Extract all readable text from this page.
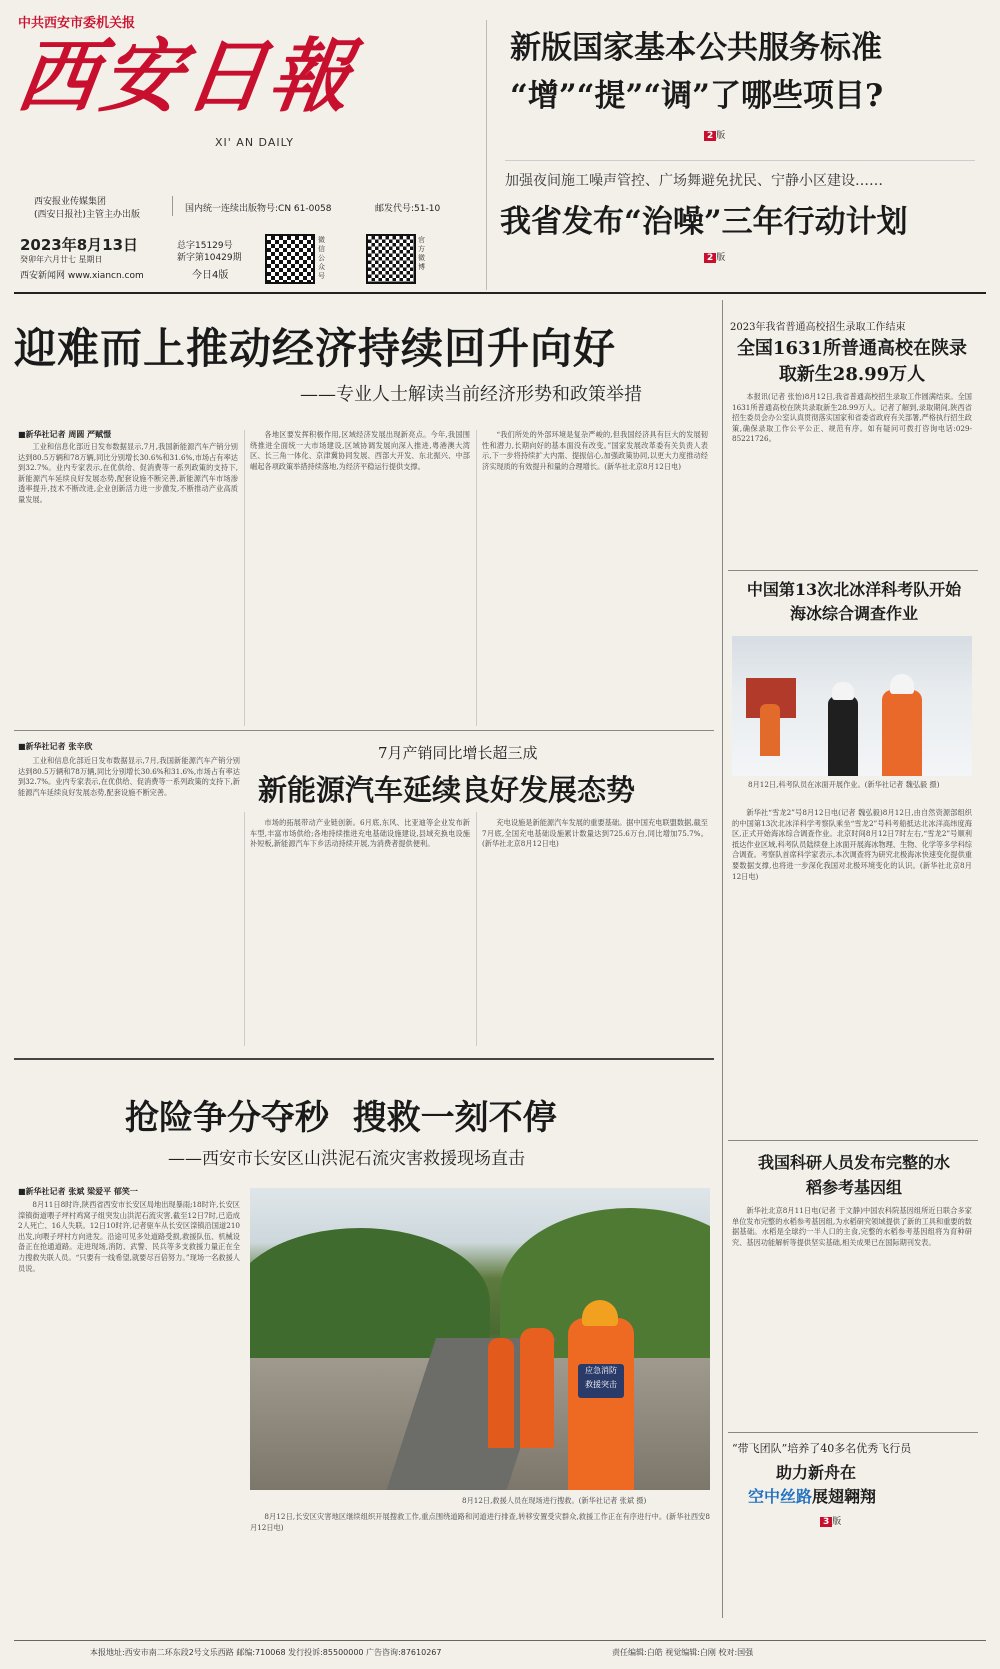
中共西安市委机关报
西安日報
XI' AN DAILY
西安报业传媒集团
(西安日报社)主管主办出版
国内统一连续出版物号:CN 61-0058	邮发代号:51-10
2023年8月13日
癸卯年六月廿七 星期日
西安新闻网 www.xiancn.com
总字15129号
新字第10429期
今日4版
微信公众号
官方微博
新版国家基本公共服务标准
“增”“提”“调”了哪些项目?
2 版
加强夜间施工噪声管控、广场舞避免扰民、宁静小区建设……
我省发布“治噪”三年行动计划
2 版
迎难而上推动经济持续回升向好
——专业人士解读当前经济形势和政策举措
■新华社记者 周圆 严赋憬
工业和信息化部近日发布数据显示,7月,我国新能源汽车产销分别达到80.5万辆和78万辆,同比分别增长30.6%和31.6%,市场占有率达到32.7%。业内专家表示,在优供给、促消费等一系列政策的支持下,新能源汽车延续良好发展态势,配套设施不断完善,新能源汽车市场渗透率提升,技术不断改进,企业创新活力进一步激发,不断推动产业高质量发展。
各地区要发挥积极作用,区域经济发展出现新亮点。今年,我国围绕推进全面统一大市场建设,区域协调发展向深入推进,粤港澳大湾区、长三角一体化、京津冀协同发展、西部大开发、东北振兴、中部崛起各项政策举措持续落地,为经济平稳运行提供支撑。
“我们所处的外部环境是复杂严峻的,但我国经济具有巨大的发展韧性和潜力,长期向好的基本面没有改变。”国家发展改革委有关负责人表示,下一步将持续扩大内需、提振信心,加强政策协同,以更大力度推动经济实现质的有效提升和量的合理增长。(新华社北京8月12日电)
■新华社记者 张辛欣	7月产销同比增长超三成
新能源汽车延续良好发展态势
工业和信息化部近日发布数据显示,7月,我国新能源汽车产销分别达到80.5万辆和78万辆,同比分别增长30.6%和31.6%,市场占有率达到32.7%。业内专家表示,在优供给、促消费等一系列政策的支持下,新能源汽车延续良好发展态势,配套设施不断完善。
市场的拓展带动产业链创新。6月底,东风、比亚迪等企业发布新车型,丰富市场供给;各地持续推进充电基础设施建设,县域充换电设施补短板,新能源汽车下乡活动持续开展,为消费者提供便利。
充电设施是新能源汽车发展的重要基础。据中国充电联盟数据,截至7月底,全国充电基础设施累计数量达到725.6万台,同比增加75.7%。(新华社北京8月12日电)
抢险争分夺秒  搜救一刻不停
——西安市长安区山洪泥石流灾害救援现场直击
■新华社记者 张斌 梁爱平 郁笑一
8月11日8时许,陕西省西安市长安区局地出现暴雨;18时许,长安区滦镇街道喂子坪村鸡窝子组突发山洪泥石流灾害,截至12日7时,已造成2人死亡、16人失联。12日10时许,记者驱车从长安区滦镇沿国道210出发,向喂子坪村方向进发。沿途可见多处道路受损,救援队伍、机械设备正在抢通道路。走进现场,消防、武警、民兵等多支救援力量正在全力搜救失联人员。“只要有一线希望,就要尽百倍努力。”现场一名救援人员说。
应急消防
救援突击
8月12日,救援人员在现场进行搜救。(新华社记者 张斌 摄)
8月12日,长安区灾害地区继续组织开展搜救工作,重点围绕道路和河道进行排查,转移安置受灾群众,救援工作正在有序进行中。(新华社西安8月12日电)
2023年我省普通高校招生录取工作结束
全国1631所普通高校在陕录取新生28.99万人
本报讯(记者 张怡)8月12日,我省普通高校招生录取工作圆满结束。全国1631所普通高校在陕共录取新生28.99万人。记者了解到,录取期间,陕西省招生委员会办公室认真贯彻落实国家和省委省政府有关部署,严格执行招生政策,确保录取工作公平公正、规范有序。如有疑问可拨打咨询电话:029-85221726。
中国第13次北冰洋科考队开始海冰综合调查作业
8月12日,科考队员在冰面开展作业。(新华社记者 魏弘毅 摄)
新华社“雪龙2”号8月12日电(记者 魏弘毅)8月12日,由自然资源部组织的中国第13次北冰洋科学考察队乘坐“雪龙2”号科考船抵达北冰洋高纬度海区,正式开始海冰综合调查作业。北京时间8月12日7时左右,“雪龙2”号顺利抵达作业区域,科考队员陆续登上冰面开展海冰物理、生物、化学等多学科综合调查。考察队首席科学家表示,本次调查将为研究北极海冰快速变化提供重要数据支撑,也将进一步深化我国对北极环境变化的认识。(新华社北京8月12日电)
我国科研人员发布完整的水稻参考基因组
新华社北京8月11日电(记者 于文静)中国农科院基因组所近日联合多家单位发布完整的水稻参考基因组,为水稻研究领域提供了新的工具和重要的数据基础。水稻是全球约一半人口的主食,完整的水稻参考基因组将为育种研究、基因功能解析等提供坚实基础,相关成果已在国际期刊发表。
“带飞团队”培养了40多名优秀飞行员
助力新舟在
空中丝路展翅翱翔
3 版
本报地址:西安市南二环东段2号文乐西路 邮编:710068 发行投诉:85500000 广告咨询:87610267	责任编辑:白皓 视觉编辑:白刚 校对:国强
